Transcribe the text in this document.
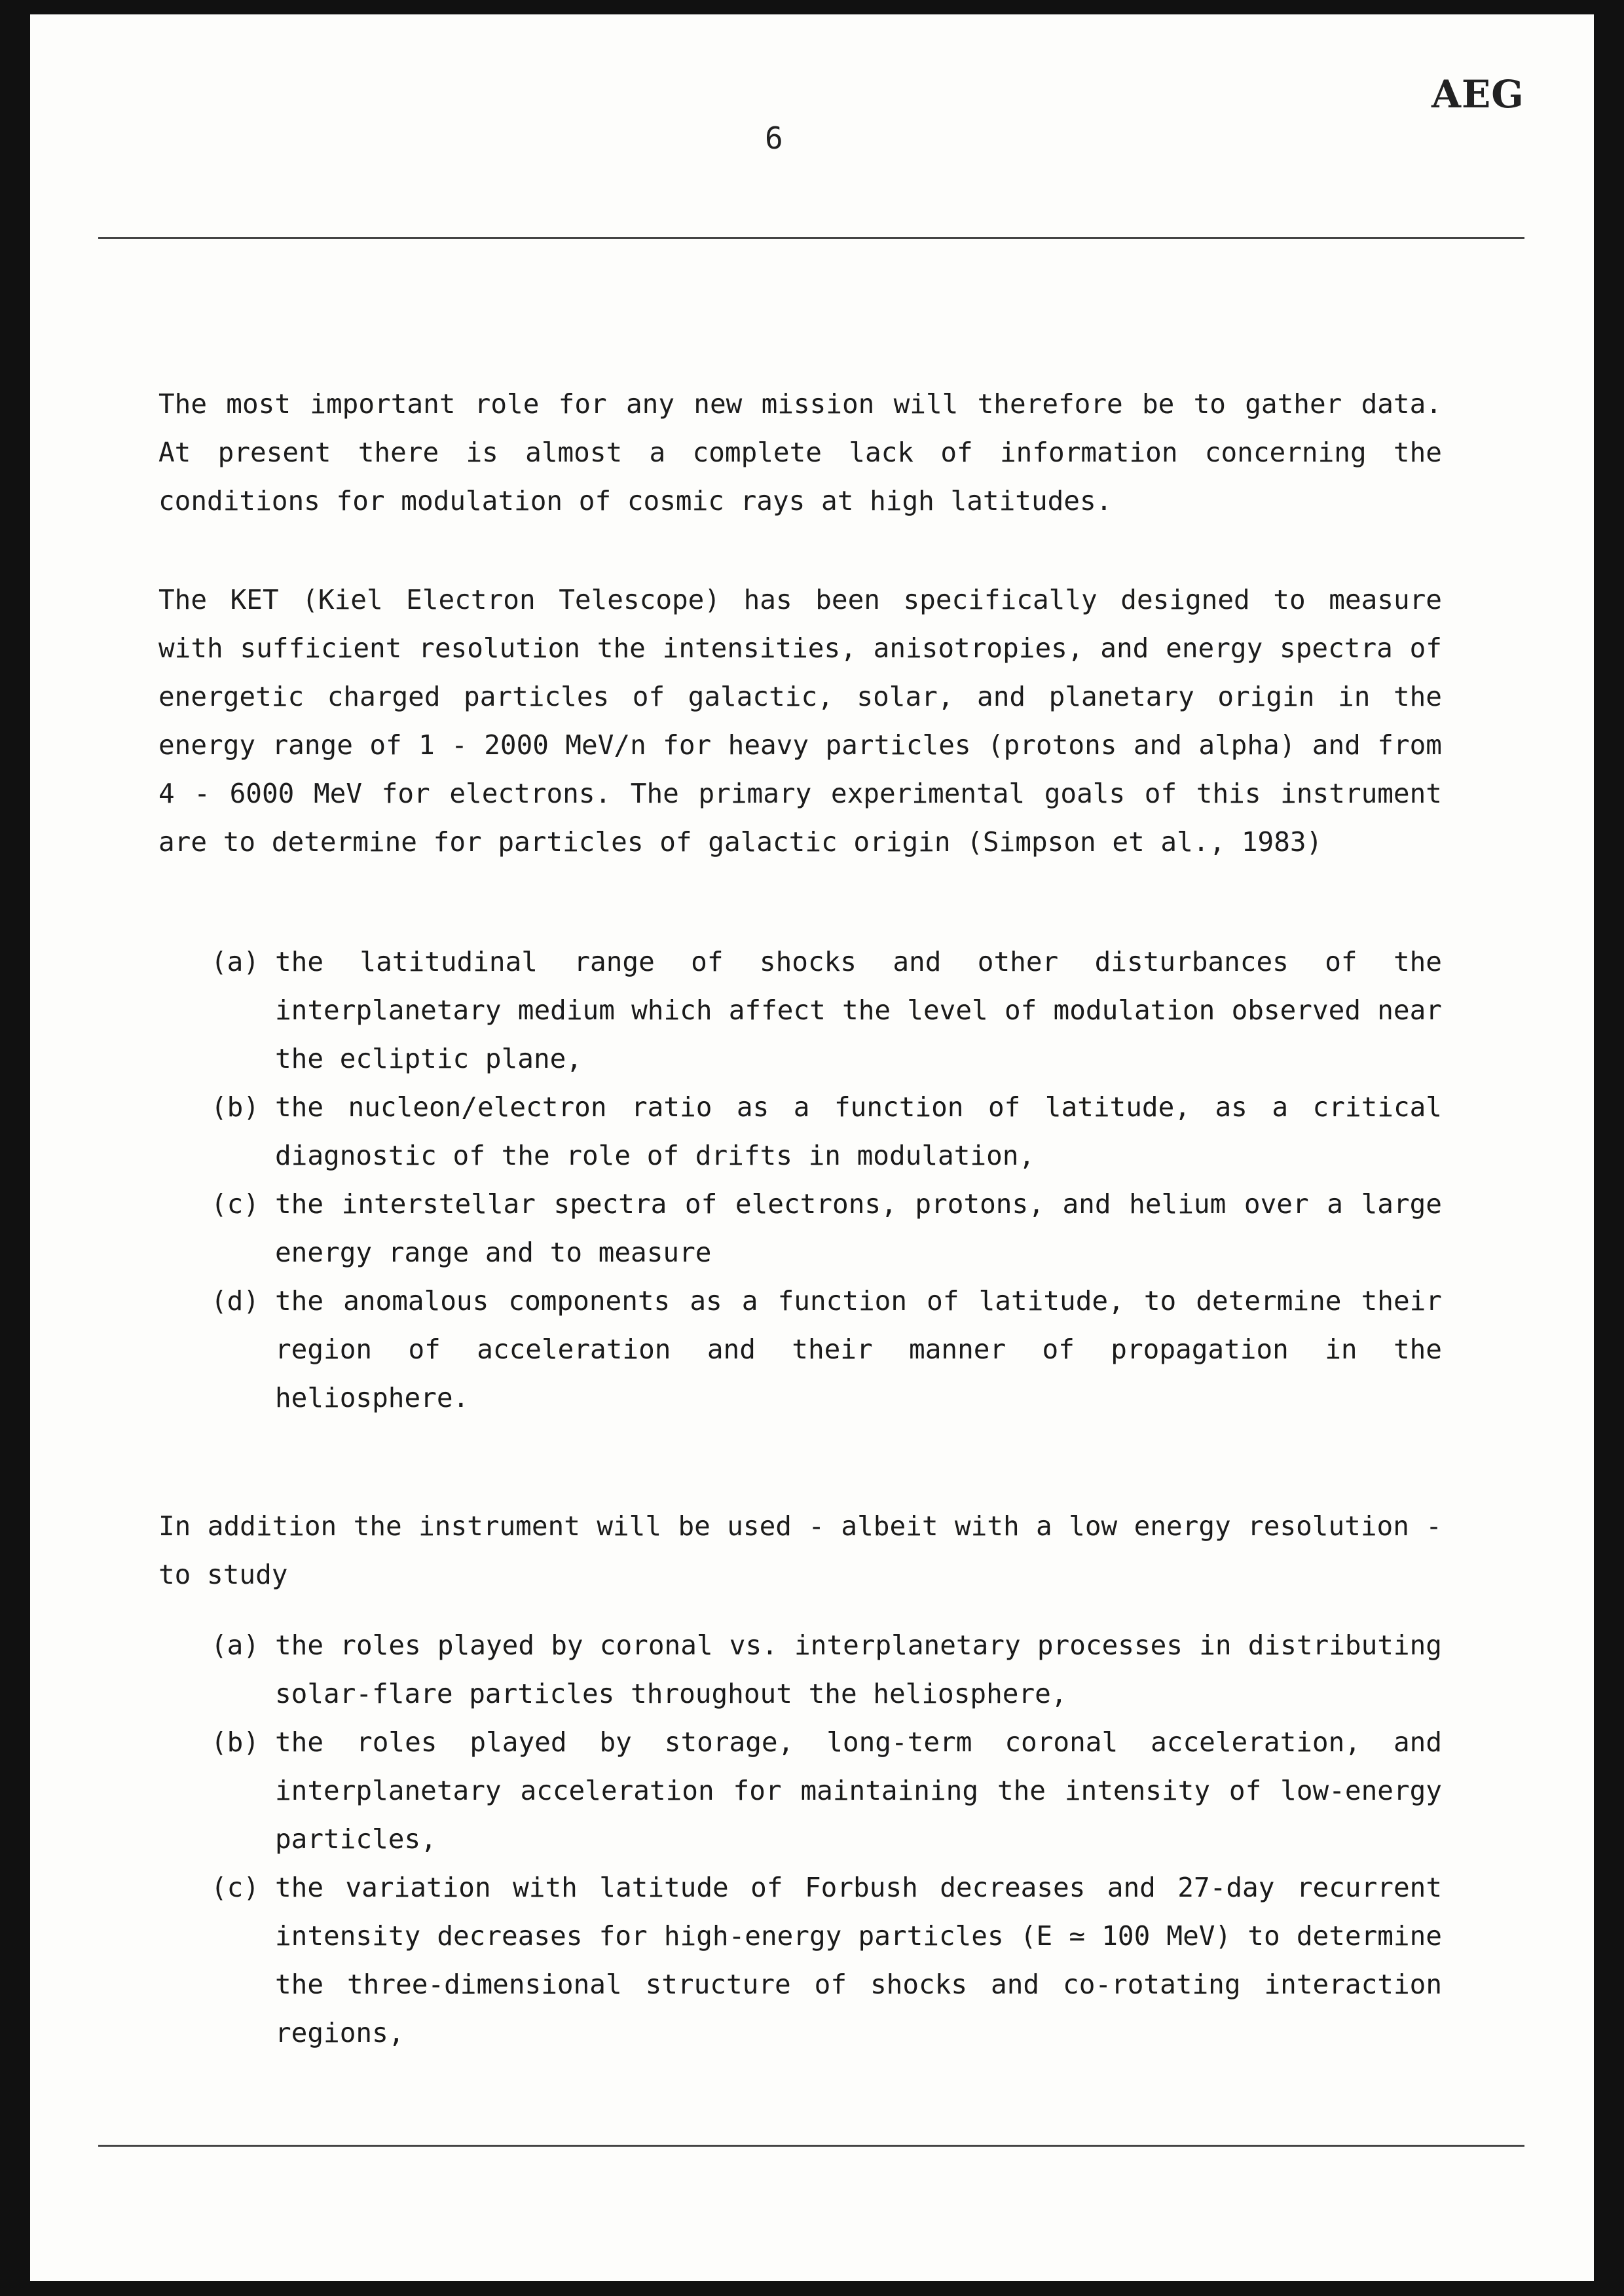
AEG
6

The most important role for any new mission will therefore be to gather data. At present there is almost a complete lack of information concerning the conditions for modulation of cosmic rays at high latitudes.

The KET (Kiel Electron Telescope) has been specifically designed to measure with sufficient resolution the intensities, anisotropies, and energy spectra of energetic charged particles of galactic, solar, and planetary origin in the energy range of 1 - 2000 MeV/n for heavy particles (protons and alpha) and from 4 - 6000 MeV for electrons. The primary experimental goals of this instrument are to determine for particles of galactic origin (Simpson et al., 1983)

(a) the latitudinal range of shocks and other disturbances of the interplanetary medium which affect the level of modulation observed near the ecliptic plane,
(b) the nucleon/electron ratio as a function of latitude, as a critical diagnostic of the role of drifts in modulation,
(c) the interstellar spectra of electrons, protons, and helium over a large energy range and to measure
(d) the anomalous components as a function of latitude, to determine their region of acceleration and their manner of propagation in the heliosphere.

In addition the instrument will be used - albeit with a low energy resolution - to study

(a) the roles played by coronal vs. interplanetary processes in distributing solar-flare particles throughout the heliosphere,
(b) the roles played by storage, long-term coronal acceleration, and interplanetary acceleration for maintaining the intensity of low-energy particles,
(c) the variation with latitude of Forbush decreases and 27-day recurrent intensity decreases for high-energy particles (E ≃ 100 MeV) to determine the three-dimensional structure of shocks and co-rotating interaction regions,
